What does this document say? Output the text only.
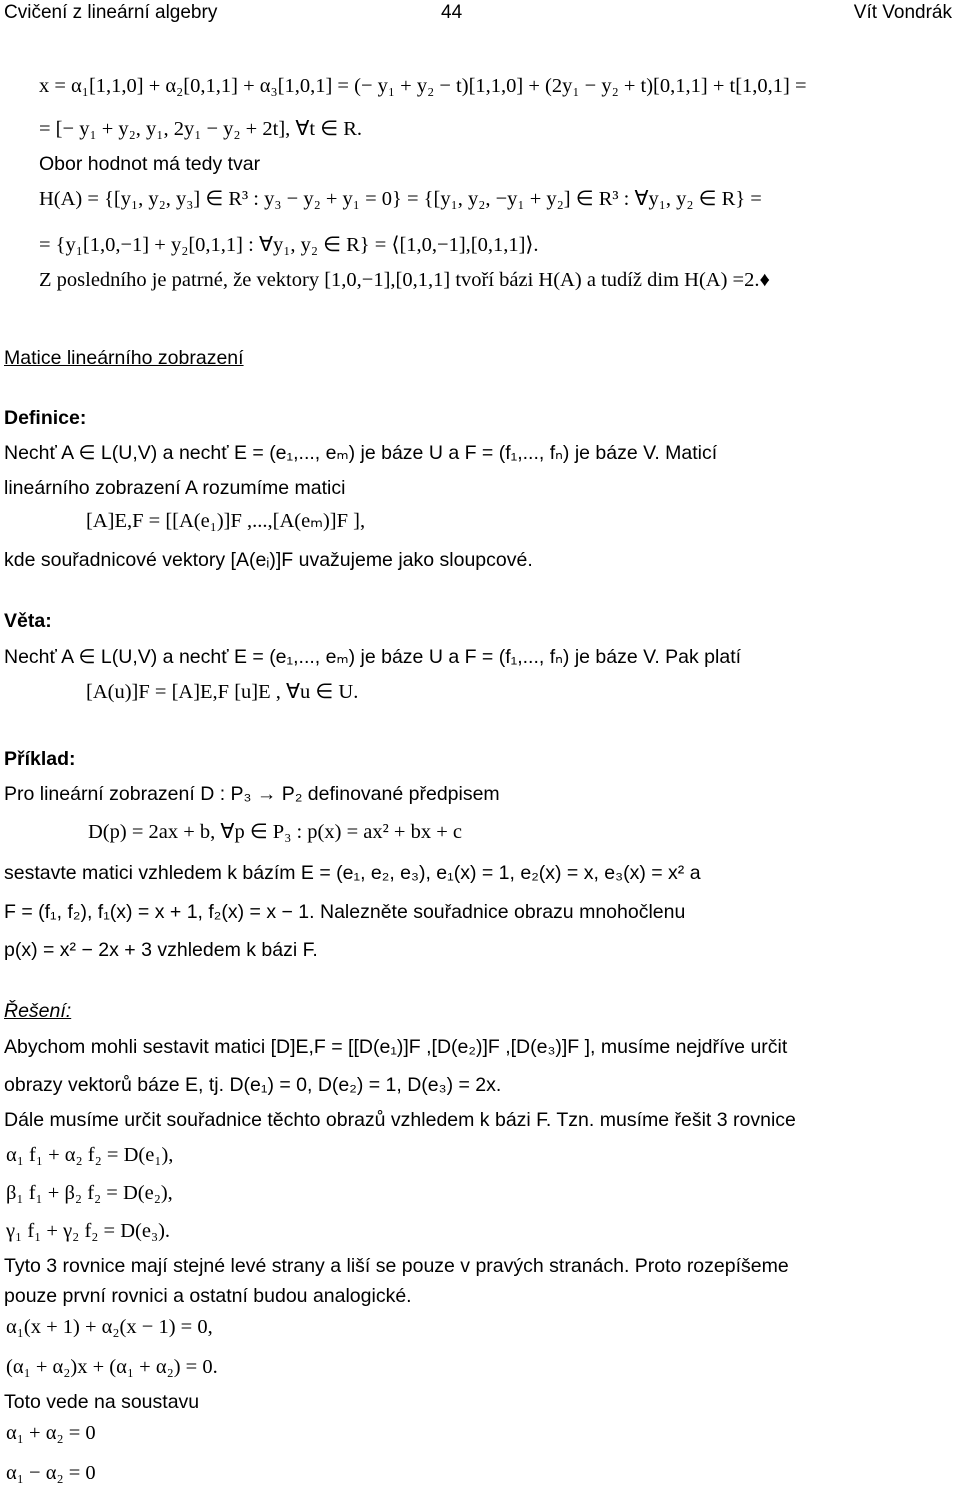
Cvičení z lineární algebry	44	Vít Vondrák
x = α₁[1,1,0] + α₂[0,1,1] + α₃[1,0,1] = (− y₁ + y₂ − t)[1,1,0] + (2y₁ − y₂ + t)[0,1,1] + t[1,0,1] =
= [− y₁ + y₂, y₁, 2y₁ − y₂ + 2t], ∀t ∈ R.
Obor hodnot má tedy tvar
H(A) = {[y₁, y₂, y₃] ∈ R³ : y₃ − y₂ + y₁ = 0} = {[y₁, y₂, −y₁ + y₂] ∈ R³ : ∀y₁, y₂ ∈ R} =
= {y₁[1,0,−1] + y₂[0,1,1] : ∀y₁, y₂ ∈ R} = ⟨[1,0,−1],[0,1,1]⟩.
Z posledního je patrné, že vektory [1,0,−1],[0,1,1] tvoří bázi H(A) a tudíž dim H(A) =2.♦
Matice lineárního zobrazení
Definice:
Nechť A ∈ L(U,V) a nechť E = (e₁,..., eₘ) je báze U a F = (f₁,..., fₙ) je báze V. Maticí
lineárního zobrazení A rozumíme matici
[A]E,F = [[A(e₁)]F ,...,[A(eₘ)]F ],
kde souřadnicové vektory [A(eᵢ)]F uvažujeme jako sloupcové.
Věta:
Nechť A ∈ L(U,V) a nechť E = (e₁,..., eₘ) je báze U a F = (f₁,..., fₙ) je báze V. Pak platí
[A(u)]F = [A]E,F [u]E , ∀u ∈ U.
Příklad:
Pro lineární zobrazení D : P₃ → P₂ definované předpisem
D(p) = 2ax + b, ∀p ∈ P₃ : p(x) = ax² + bx + c
sestavte matici vzhledem k bázím E = (e₁, e₂, e₃), e₁(x) = 1, e₂(x) = x, e₃(x) = x² a
F = (f₁, f₂), f₁(x) = x + 1, f₂(x) = x − 1. Nalezněte souřadnice obrazu mnohočlenu
p(x) = x² − 2x + 3 vzhledem k bázi F.
Řešení:
Abychom mohli sestavit matici [D]E,F = [[D(e₁)]F ,[D(e₂)]F ,[D(e₃)]F ], musíme nejdříve určit
obrazy vektorů báze E, tj. D(e₁) = 0, D(e₂) = 1, D(e₃) = 2x.
Dále musíme určit souřadnice těchto obrazů vzhledem k bázi F. Tzn. musíme řešit 3 rovnice
α₁ f₁ + α₂ f₂ = D(e₁),
β₁ f₁ + β₂ f₂ = D(e₂),
γ₁ f₁ + γ₂ f₂ = D(e₃).
Tyto 3 rovnice mají stejné levé strany a liší se pouze v pravých stranách. Proto rozepíšeme
pouze první rovnici a ostatní budou analogické.
α₁(x + 1) + α₂(x − 1) = 0,
(α₁ + α₂)x + (α₁ + α₂) = 0.
Toto vede na soustavu
α₁ + α₂ = 0
α₁ − α₂ = 0
